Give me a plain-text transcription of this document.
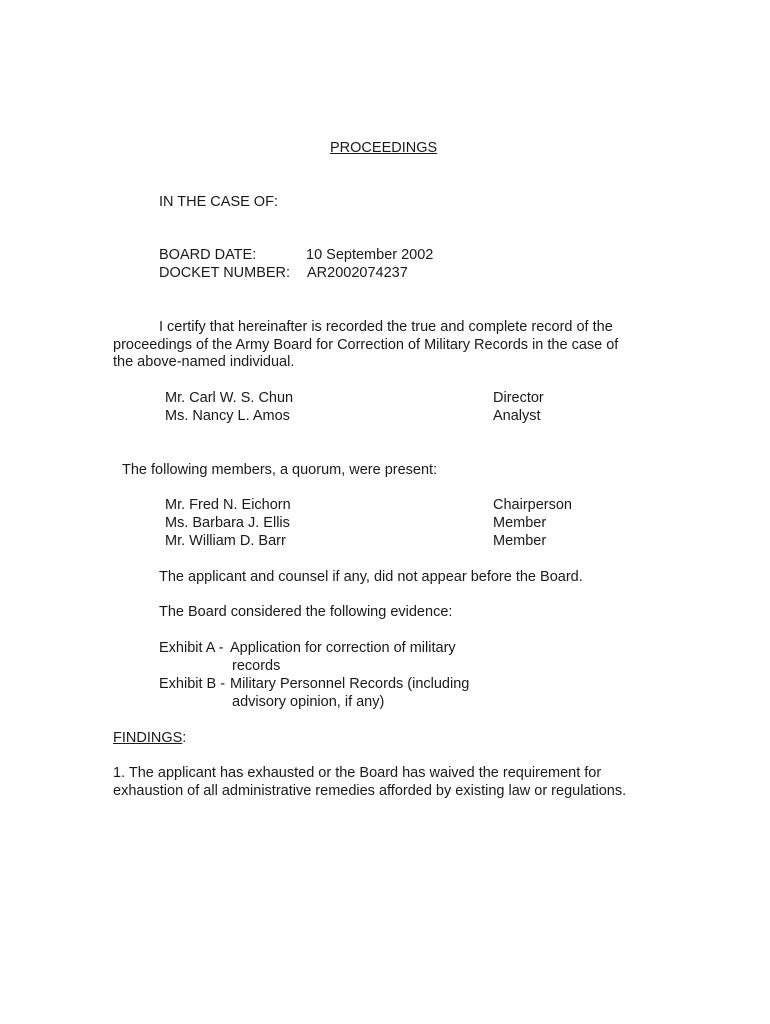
PROCEEDINGS
IN THE CASE OF:
BOARD DATE:	10 September 2002
DOCKET NUMBER: AR2002074237
I certify that hereinafter is recorded the true and complete record of the
proceedings of the Army Board for Correction of Military Records in the case of
the above-named individual.
Mr. Carl W. S. Chun	Director
Ms. Nancy L. Amos	Analyst
The following members, a quorum, were present:
Mr. Fred N. Eichorn	Chairperson
Ms. Barbara J. Ellis	Member
Mr. William D. Barr	Member
The applicant and counsel if any, did not appear before the Board.
The Board considered the following evidence:
Exhibit A - Application for correction of military
records
Exhibit B - Military Personnel Records (including
advisory opinion, if any)
FINDINGS:
1. The applicant has exhausted or the Board has waived the requirement for
exhaustion of all administrative remedies afforded by existing law or regulations.
